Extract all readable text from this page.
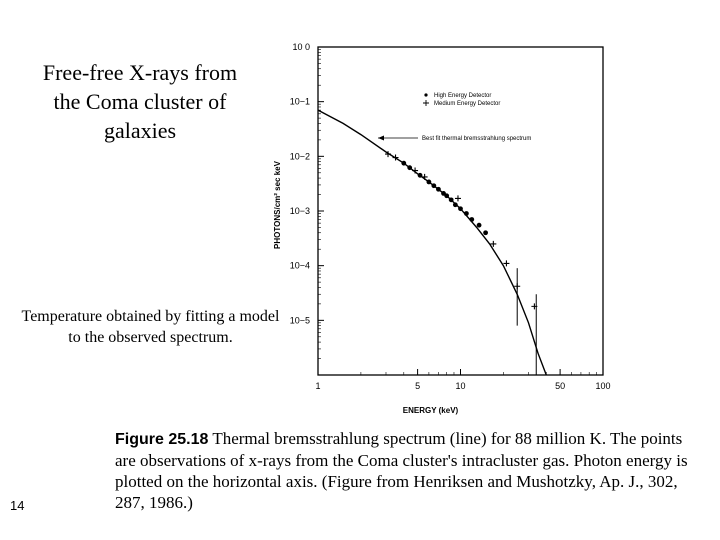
Free-free X-rays from the Coma cluster of galaxies
Temperature obtained by fitting a model to the observed spectrum.
14
Figure 25.18 Thermal bremsstrahlung spectrum (line) for 88 million K. The points are observations of x-rays from the Coma cluster's intracluster gas. Photon energy is plotted on the horizontal axis. (Figure from Henriksen and Mushotzky, Ap. J., 302, 287, 1986.)
10 0
10−1
10−2
10−3
10−4
10−5
PHOTONS/cm² sec keV
1	5	10	50	100
ENERGY (keV)
High Energy Detector
Medium Energy Detector
Best fit thermal bremsstrahlung spectrum
